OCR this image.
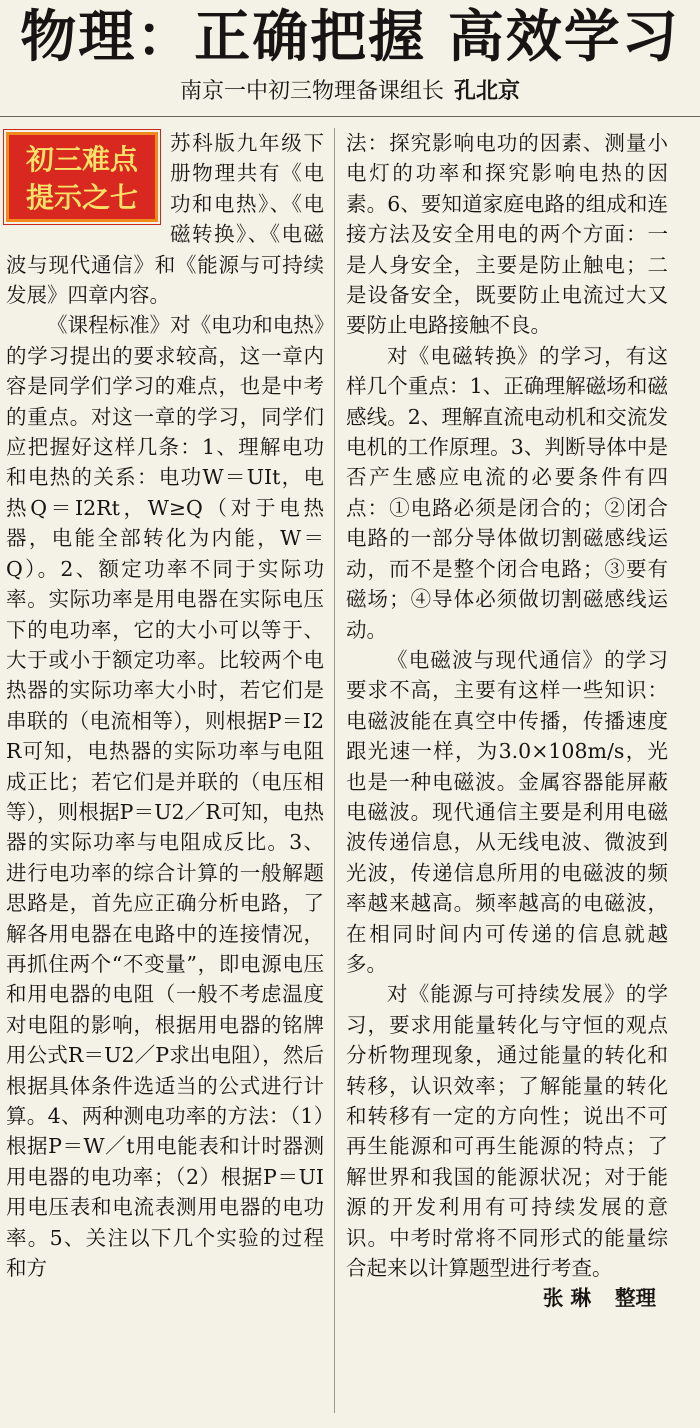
物理：正确把握 高效学习
南京一中初三物理备课组长 孔北京
初三难点
提示之七

苏科版九年级下册物理共有《电功和电热》、《电磁转换》、《电磁波与现代通信》和《能源与可持续发展》四章内容。

《课程标准》对《电功和电热》的学习提出的要求较高，这一章内容是同学们学习的难点，也是中考的重点。对这一章的学习，同学们应把握好这样几条：1、理解电功和电热的关系：电功W＝UIt，电热Q＝I2Rt，W≥Q（对于电热器，电能全部转化为内能，W＝Q）。2、额定功率不同于实际功率。实际功率是用电器在实际电压下的电功率，它的大小可以等于、大于或小于额定功率。比较两个电热器的实际功率大小时，若它们是串联的（电流相等），则根据P＝I2R可知，电热器的实际功率与电阻成正比；若它们是并联的（电压相等），则根据P＝U2／R可知，电热器的实际功率与电阻成反比。3、进行电功率的综合计算的一般解题思路是，首先应正确分析电路，了解各用电器在电路中的连接情况，再抓住两个“不变量”，即电源电压和用电器的电阻（一般不考虑温度对电阻的影响，根据用电器的铭牌用公式R＝U2／P求出电阻），然后根据具体条件选适当的公式进行计算。4、两种测电功率的方法：（1）根据P＝W／t用电能表和计时器测用电器的电功率；（2）根据P＝UI用电压表和电流表测用电器的电功率。5、关注以下几个实验的过程和方

法：探究影响电功的因素、测量小电灯的功率和探究影响电热的因素。6、要知道家庭电路的组成和连接方法及安全用电的两个方面：一是人身安全，主要是防止触电；二是设备安全，既要防止电流过大又要防止电路接触不良。

对《电磁转换》的学习，有这样几个重点：1、正确理解磁场和磁感线。2、理解直流电动机和交流发电机的工作原理。3、判断导体中是否产生感应电流的必要条件有四点：①电路必须是闭合的；②闭合电路的一部分导体做切割磁感线运动，而不是整个闭合电路；③要有磁场；④导体必须做切割磁感线运动。

《电磁波与现代通信》的学习要求不高，主要有这样一些知识：电磁波能在真空中传播，传播速度跟光速一样，为3.0×108m/s，光也是一种电磁波。金属容器能屏蔽电磁波。现代通信主要是利用电磁波传递信息，从无线电波、微波到光波，传递信息所用的电磁波的频率越来越高。频率越高的电磁波，在相同时间内可传递的信息就越多。

对《能源与可持续发展》的学习，要求用能量转化与守恒的观点分析物理现象，通过能量的转化和转移，认识效率；了解能量的转化和转移有一定的方向性；说出不可再生能源和可再生能源的特点；了解世界和我国的能源状况；对于能源的开发利用有可持续发展的意识。中考时常将不同形式的能量综合起来以计算题型进行考查。

张 琳 整理
